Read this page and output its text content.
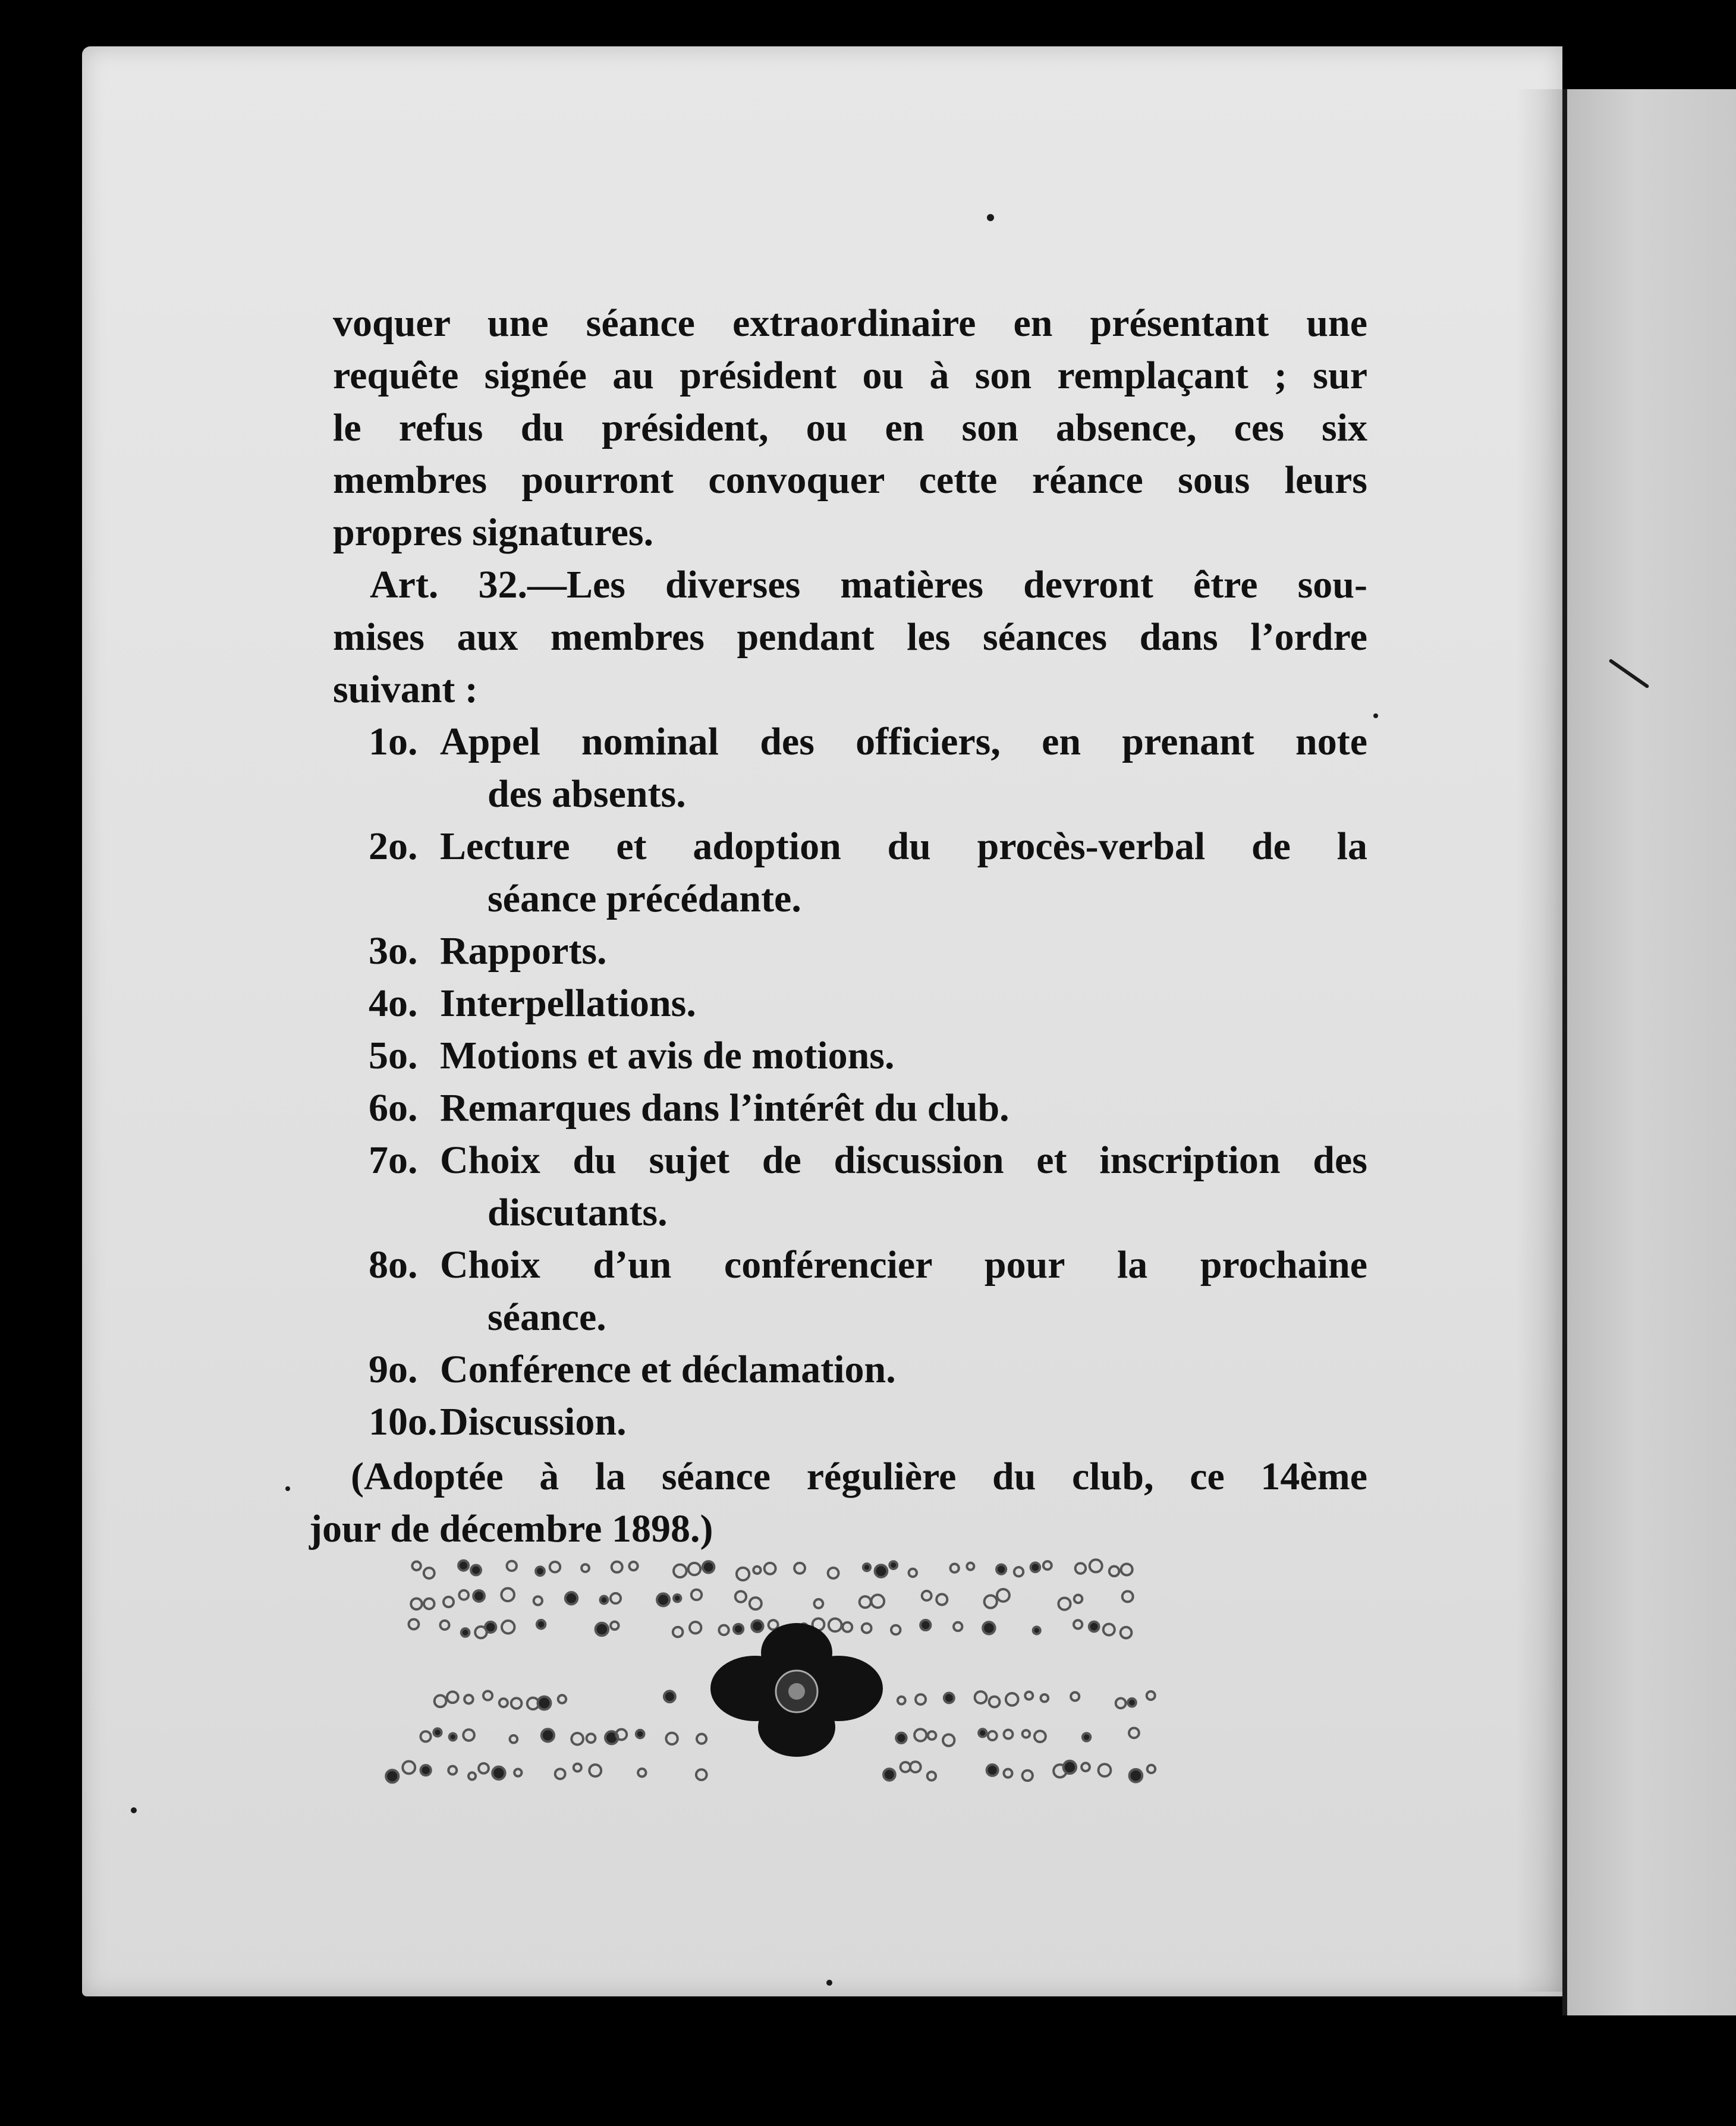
voquer une séance extraordinaire en présentant une
requête signée au président ou à son remplaçant ; sur
le refus du président, ou en son absence, ces six
membres pourront convoquer cette réance sous leurs
propres signatures.

Art. 32.—Les diverses matières devront être sou-
mises aux membres pendant les séances dans l’ordre
suivant :

1o. Appel nominal des officiers, en prenant note
des absents.
2o. Lecture et adoption du procès-verbal de la
séance précédante.
3o. Rapports.
4o. Interpellations.
5o. Motions et avis de motions.
6o. Remarques dans l’intérêt du club.
7o. Choix du sujet de discussion et inscription des
discutants.
8o. Choix d’un conférencier pour la prochaine
séance.
9o. Conférence et déclamation.
10o. Discussion.

(Adoptée à la séance régulière du club, ce 14ème
jour de décembre 1898.)
